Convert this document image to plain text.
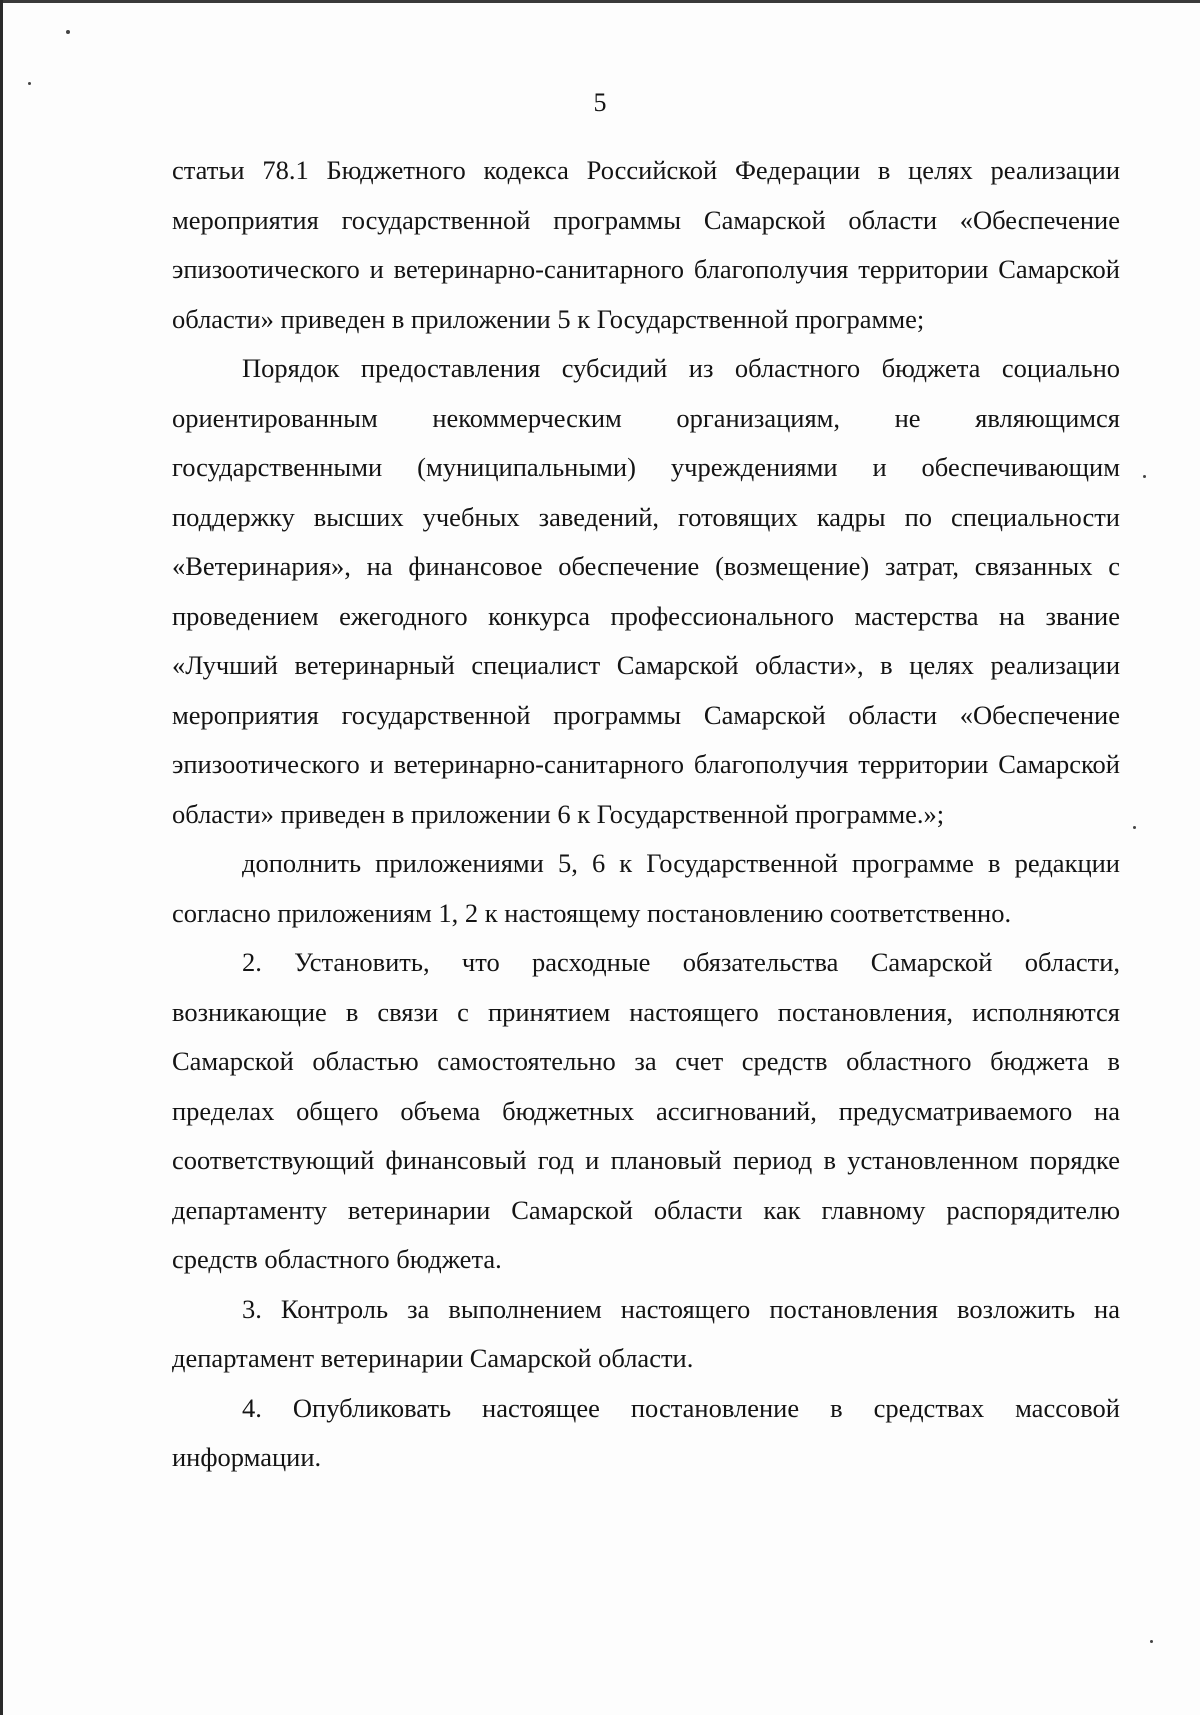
5

статьи 78.1 Бюджетного кодекса Российской Федерации в целях реализации мероприятия государственной программы Самарской области «Обеспечение эпизоотического и ветеринарно-санитарного благополучия территории Самарской области» приведен в приложении 5 к Государственной программе;

Порядок предоставления субсидий из областного бюджета социально ориентированным некоммерческим организациям, не являющимся государственными (муниципальными) учреждениями и обеспечивающим поддержку высших учебных заведений, готовящих кадры по специальности «Ветеринария», на финансовое обеспечение (возмещение) затрат, связанных с проведением ежегодного конкурса профессионального мастерства на звание «Лучший ветеринарный специалист Самарской области», в целях реализации мероприятия государственной программы Самарской области «Обеспечение эпизоотического и ветеринарно-санитарного благополучия территории Самарской области» приведен в приложении 6 к Государственной программе.»;

дополнить приложениями 5, 6 к Государственной программе в редакции согласно приложениям 1, 2 к настоящему постановлению соответственно.

2. Установить, что расходные обязательства Самарской области, возникающие в связи с принятием настоящего постановления, исполняются Самарской областью самостоятельно за счет средств областного бюджета в пределах общего объема бюджетных ассигнований, предусматриваемого на соответствующий финансовый год и плановый период в установленном порядке департаменту ветеринарии Самарской области как главному распорядителю средств областного бюджета.

3. Контроль за выполнением настоящего постановления возложить на департамент ветеринарии Самарской области.

4. Опубликовать настоящее постановление в средствах массовой информации.
